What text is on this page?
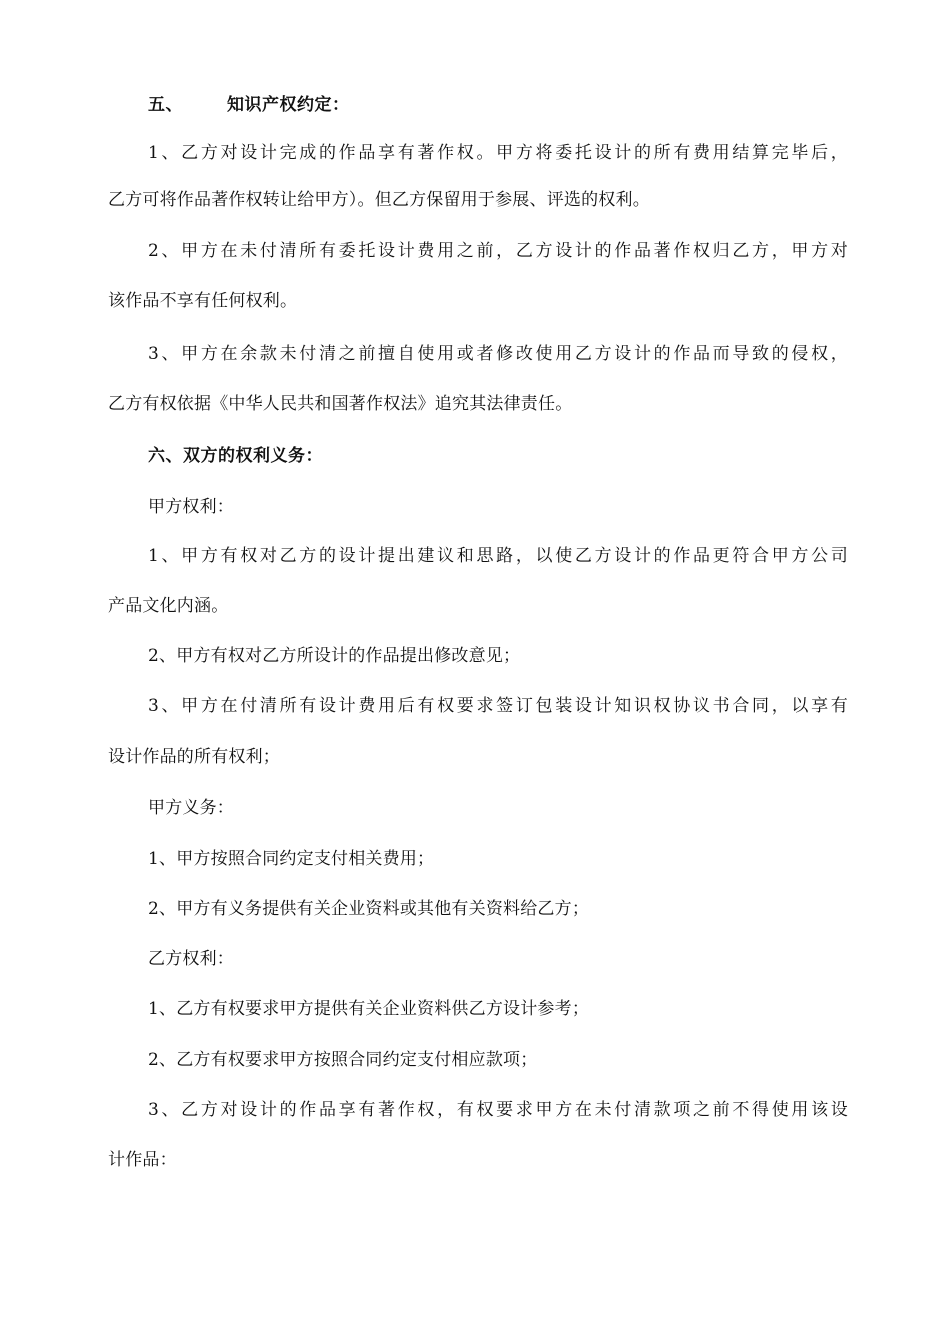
五、	知识产权约定：
1、乙方对设计完成的作品享有著作权。甲方将委托设计的所有费用结算完毕后，
乙方可将作品著作权转让给甲方）。但乙方保留用于参展、评选的权利。
2、甲方在未付清所有委托设计费用之前，乙方设计的作品著作权归乙方，甲方对
该作品不享有任何权利。
3、甲方在余款未付清之前擅自使用或者修改使用乙方设计的作品而导致的侵权，
乙方有权依据《中华人民共和国著作权法》追究其法律责任。
六、双方的权利义务：
甲方权利：
1、甲方有权对乙方的设计提出建议和思路，以使乙方设计的作品更符合甲方公司
产品文化内涵。
2、甲方有权对乙方所设计的作品提出修改意见；
3、甲方在付清所有设计费用后有权要求签订包装设计知识权协议书合同，以享有
设计作品的所有权利；
甲方义务：
1、甲方按照合同约定支付相关费用；
2、甲方有义务提供有关企业资料或其他有关资料给乙方；
乙方权利：
1、乙方有权要求甲方提供有关企业资料供乙方设计参考；
2、乙方有权要求甲方按照合同约定支付相应款项；
3、乙方对设计的作品享有著作权，有权要求甲方在未付清款项之前不得使用该设
计作品：
